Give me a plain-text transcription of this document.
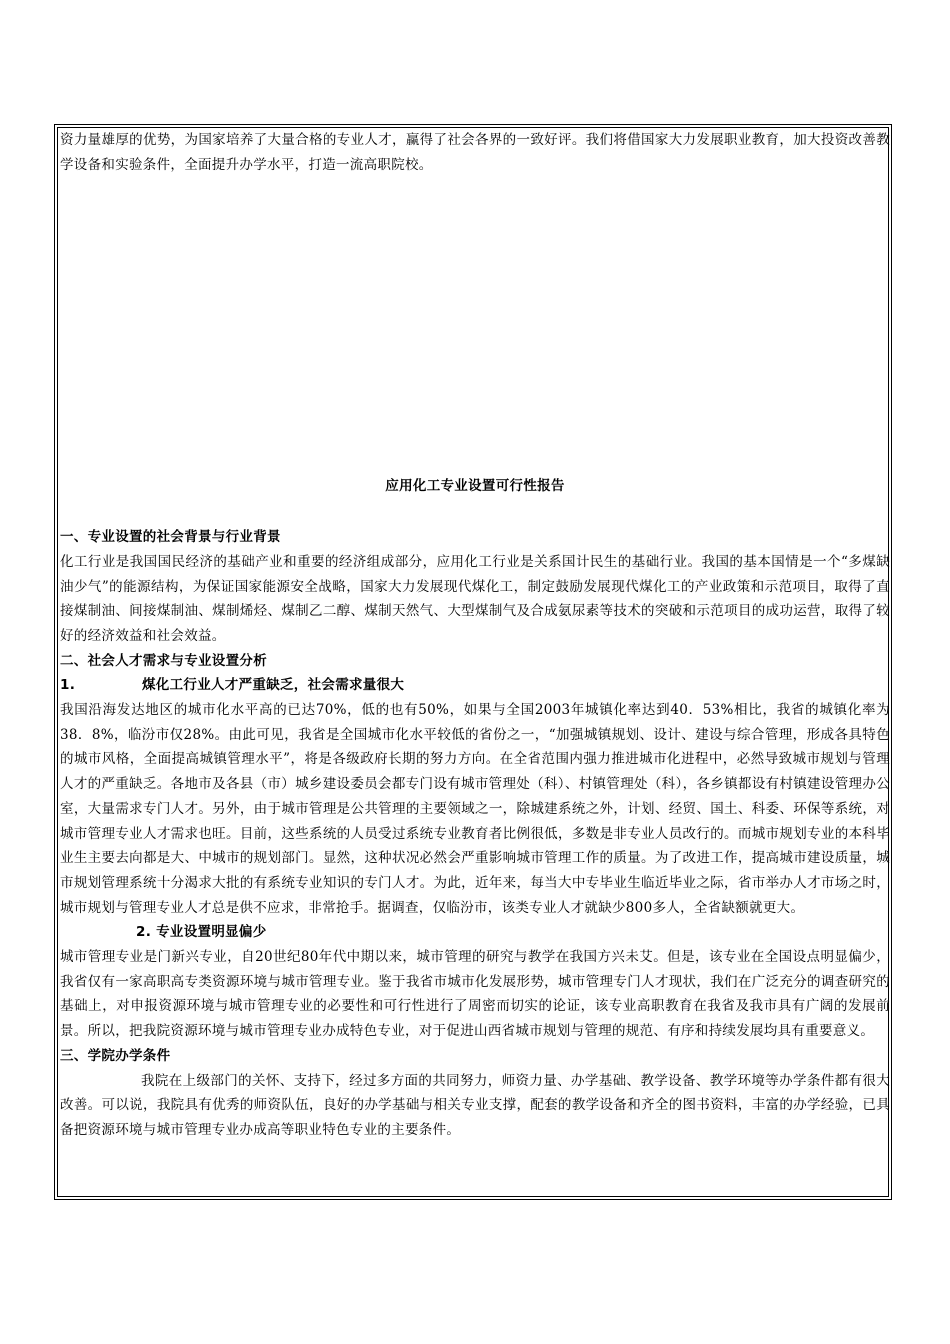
资力量雄厚的优势，为国家培养了大量合格的专业人才，赢得了社会各界的一致好评。我们将借国家大力发展职业教育，加大投资改善教学设备和实验条件，全面提升办学水平，打造一流高职院校。

应用化工专业设置可行性报告

一、专业设置的社会背景与行业背景

化工行业是我国国民经济的基础产业和重要的经济组成部分，应用化工行业是关系国计民生的基础行业。我国的基本国情是一个“多煤缺油少气”的能源结构，为保证国家能源安全战略，国家大力发展现代煤化工，制定鼓励发展现代煤化工的产业政策和示范项目，取得了直接煤制油、间接煤制油、煤制烯烃、煤制乙二醇、煤制天然气、大型煤制气及合成氨尿素等技术的突破和示范项目的成功运营，取得了较好的经济效益和社会效益。

二、社会人才需求与专业设置分析

1.	煤化工行业人才严重缺乏，社会需求量很大

我国沿海发达地区的城市化水平高的已达70%，低的也有50%，如果与全国2003年城镇化率达到40．53%相比，我省的城镇化率为38．8%，临汾市仅28%。由此可见，我省是全国城市化水平较低的省份之一，“加强城镇规划、设计、建设与综合管理，形成各具特色的城市风格，全面提高城镇管理水平”，将是各级政府长期的努力方向。在全省范围内强力推进城市化进程中，必然导致城市规划与管理人才的严重缺乏。各地市及各县（市）城乡建设委员会都专门设有城市管理处（科）、村镇管理处（科），各乡镇都设有村镇建设管理办公室，大量需求专门人才。另外，由于城市管理是公共管理的主要领域之一，除城建系统之外，计划、经贸、国土、科委、环保等系统，对城市管理专业人才需求也旺。目前，这些系统的人员受过系统专业教育者比例很低，多数是非专业人员改行的。而城市规划专业的本科毕业生主要去向都是大、中城市的规划部门。显然，这种状况必然会严重影响城市管理工作的质量。为了改进工作，提高城市建设质量，城市规划管理系统十分渴求大批的有系统专业知识的专门人才。为此，近年来，每当大中专毕业生临近毕业之际，省市举办人才市场之时，城市规划与管理专业人才总是供不应求，非常抢手。据调查，仅临汾市，该类专业人才就缺少800多人，全省缺额就更大。

2. 专业设置明显偏少

城市管理专业是门新兴专业，自20世纪80年代中期以来，城市管理的研究与教学在我国方兴未艾。但是，该专业在全国设点明显偏少，我省仅有一家高职高专类资源环境与城市管理专业。鉴于我省市城市化发展形势，城市管理专门人才现状，我们在广泛充分的调查研究的基础上，对申报资源环境与城市管理专业的必要性和可行性进行了周密而切实的论证，该专业高职教育在我省及我市具有广阔的发展前景。所以，把我院资源环境与城市管理专业办成特色专业，对于促进山西省城市规划与管理的规范、有序和持续发展均具有重要意义。

三、学院办学条件

我院在上级部门的关怀、支持下，经过多方面的共同努力，师资力量、办学基础、教学设备、教学环境等办学条件都有很大改善。可以说，我院具有优秀的师资队伍，良好的办学基础与相关专业支撑，配套的教学设备和齐全的图书资料，丰富的办学经验，已具备把资源环境与城市管理专业办成高等职业特色专业的主要条件。
